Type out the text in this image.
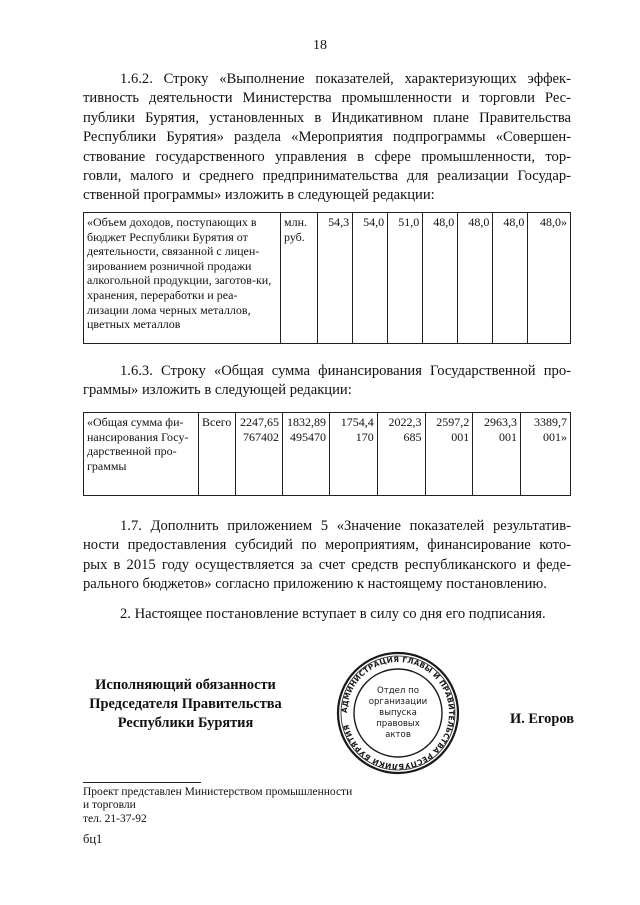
18
1.6.2. Строку «Выполнение показателей, характеризующих эффек-
тивность деятельности Министерства промышленности и торговли Рес-
публики Бурятия, установленных в Индикативном плане Правительства
Республики Бурятия» раздела «Мероприятия подпрограммы «Совершен-
ствование государственного управления в сфере промышленности, тор-
говли, малого и среднего предпринимательства для реализации Государ-
ственной программы» изложить в следующей редакции:
«Объем доходов, поступающих в бюджет Республики Бурятия от деятельности, связанной с лицен-зированием розничной продажи алкогольной продукции, заготов-ки, хранения, переработки и реа-лизации лома черных металлов, цветных металлов	млн. руб.	54,3	54,0	51,0	48,0	48,0	48,0	48,0»
1.6.3. Строку «Общая сумма финансирования Государственной про-
граммы» изложить в следующей редакции:
«Общая сумма фи-нансирования Госу-дарственной про-граммы	Всего	2247,65 767402	1832,89 495470	1754,4 170	2022,3 685	2597,2 001	2963,3 001	3389,7 001»
1.7. Дополнить приложением 5 «Значение показателей результатив-
ности предоставления субсидий по мероприятиям, финансирование кото-
рых в 2015 году осуществляется за счет средств республиканского и феде-
рального бюджетов» согласно приложению к настоящему постановлению.
2. Настоящее постановление вступает в силу со дня его подписания.
Исполняющий обязанности
Председателя Правительства
Республики Бурятия
АДМИНИСТРАЦИЯ ГЛАВЫ И ПРАВИТЕЛЬСТВА РЕСПУБЛИКИ БУРЯТИЯ
Отдел по
организации
выпуска
правовых
актов
И. Егоров
Проект представлен Министерством промышленности
и торговли
тел. 21-37-92
бц1
